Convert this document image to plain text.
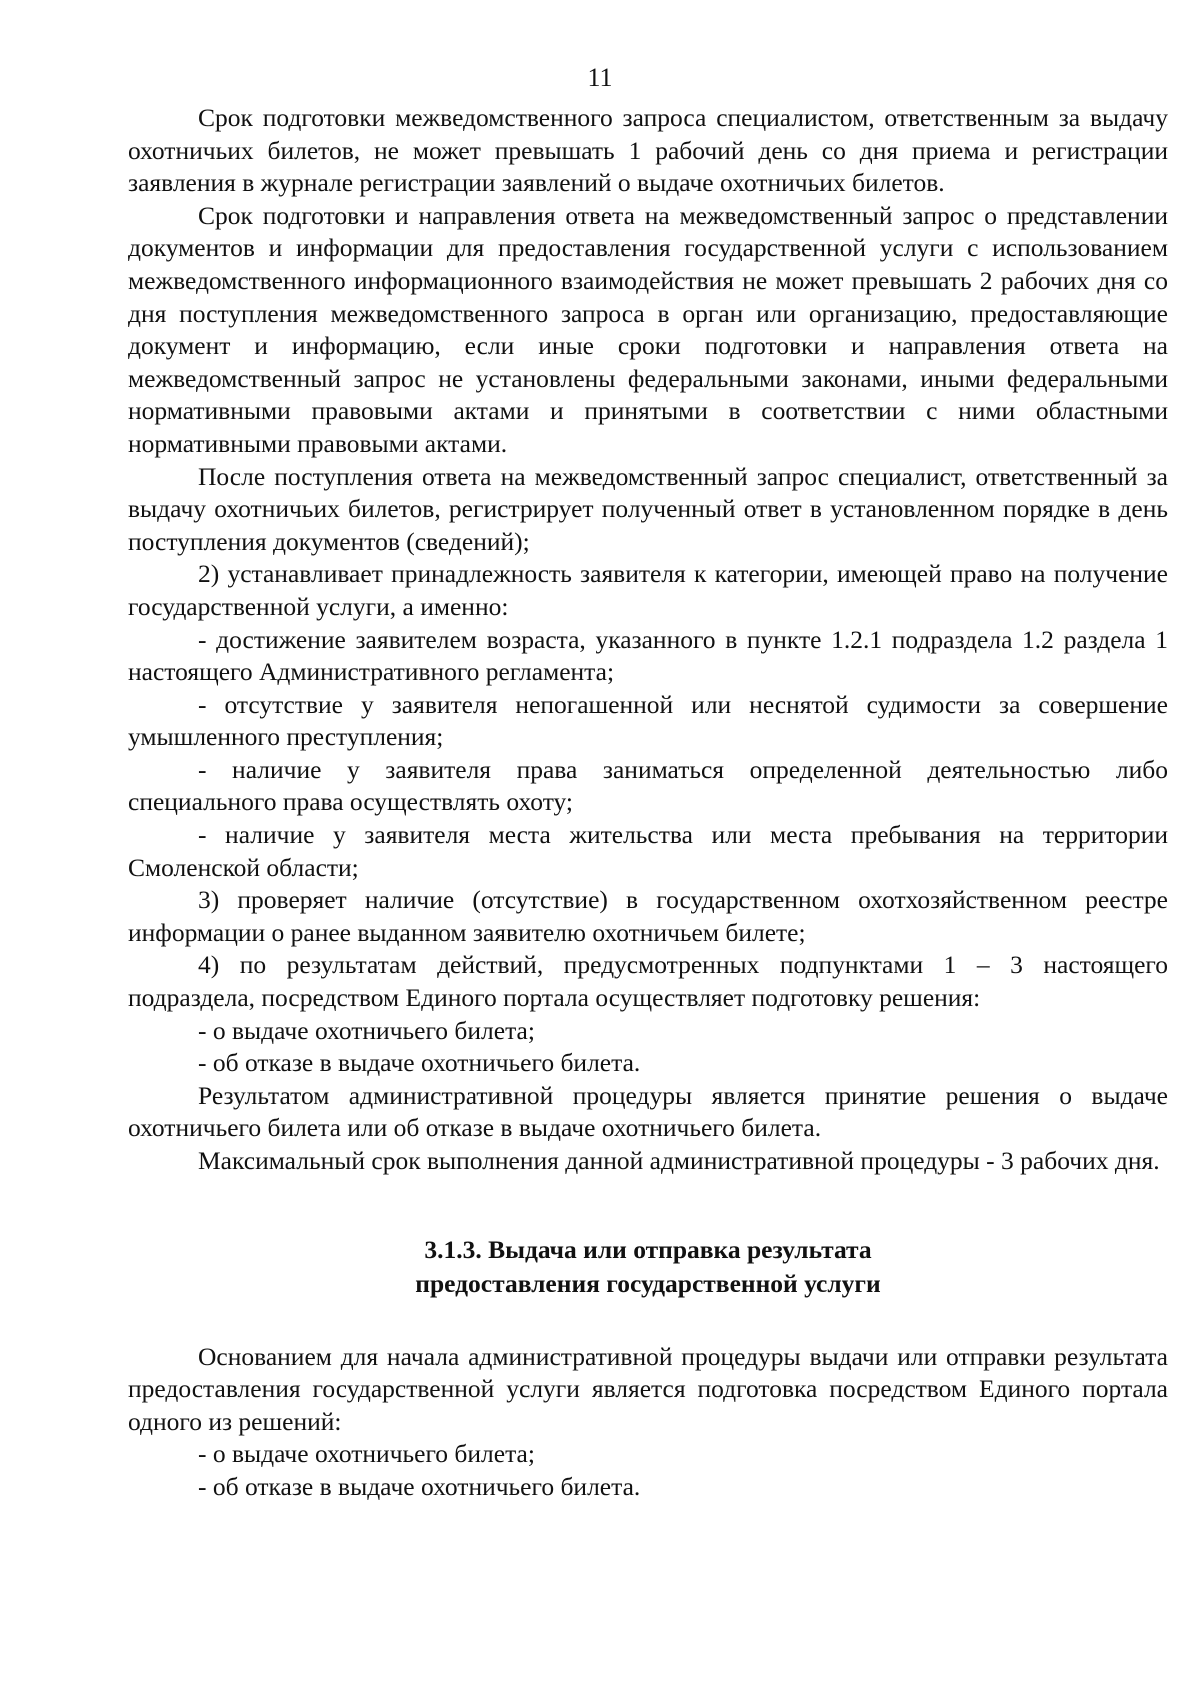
11

Срок подготовки межведомственного запроса специалистом, ответственным за выдачу охотничьих билетов, не может превышать 1 рабочий день со дня приема и регистрации заявления в журнале регистрации заявлений о выдаче охотничьих билетов.

Срок подготовки и направления ответа на межведомственный запрос о представлении документов и информации для предоставления государственной услуги с использованием межведомственного информационного взаимодействия не может превышать 2 рабочих дня со дня поступления межведомственного запроса в орган или организацию, предоставляющие документ и информацию, если иные сроки подготовки и направления ответа на межведомственный запрос не установлены федеральными законами, иными федеральными нормативными правовыми актами и принятыми в соответствии с ними областными нормативными правовыми актами.

После поступления ответа на межведомственный запрос специалист, ответственный за выдачу охотничьих билетов, регистрирует полученный ответ в установленном порядке в день поступления документов (сведений);

2) устанавливает принадлежность заявителя к категории, имеющей право на получение государственной услуги, а именно:

- достижение заявителем возраста, указанного в пункте 1.2.1 подраздела 1.2 раздела 1 настоящего Административного регламента;

- отсутствие у заявителя непогашенной или неснятой судимости за совершение умышленного преступления;

- наличие у заявителя права заниматься определенной деятельностью либо специального права осуществлять охоту;

- наличие у заявителя места жительства или места пребывания на территории Смоленской области;

3) проверяет наличие (отсутствие) в государственном охотхозяйственном реестре информации о ранее выданном заявителю охотничьем билете;

4) по результатам действий, предусмотренных подпунктами 1 – 3 настоящего подраздела, посредством Единого портала осуществляет подготовку решения:

- о выдаче охотничьего билета;

- об отказе в выдаче охотничьего билета.

Результатом административной процедуры является принятие решения о выдаче охотничьего билета или об отказе в выдаче охотничьего билета.

Максимальный срок выполнения данной административной процедуры - 3 рабочих дня.

3.1.3. Выдача или отправка результата
предоставления государственной услуги

Основанием для начала административной процедуры выдачи или отправки результата предоставления государственной услуги является подготовка посредством Единого портала одного из решений:

- о выдаче охотничьего билета;

- об отказе в выдаче охотничьего билета.
